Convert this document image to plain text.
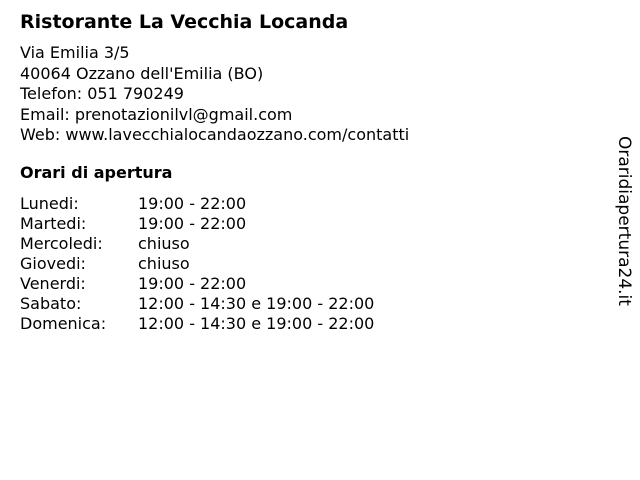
Ristorante La Vecchia Locanda
Via Emilia 3/5
40064 Ozzano dell'Emilia (BO)
Telefon: 051 790249
Email: prenotazionilvl@gmail.com
Web: www.lavecchialocandaozzano.com/contatti
Orari di apertura
Lunedi:	19:00 - 22:00
Martedi:	19:00 - 22:00
Mercoledi: chiuso
Giovedi:	chiuso
Venerdi:	19:00 - 22:00
Sabato:	12:00 - 14:30 e 19:00 - 22:00
Domenica: 12:00 - 14:30 e 19:00 - 22:00
Oraridiapertura24.it
